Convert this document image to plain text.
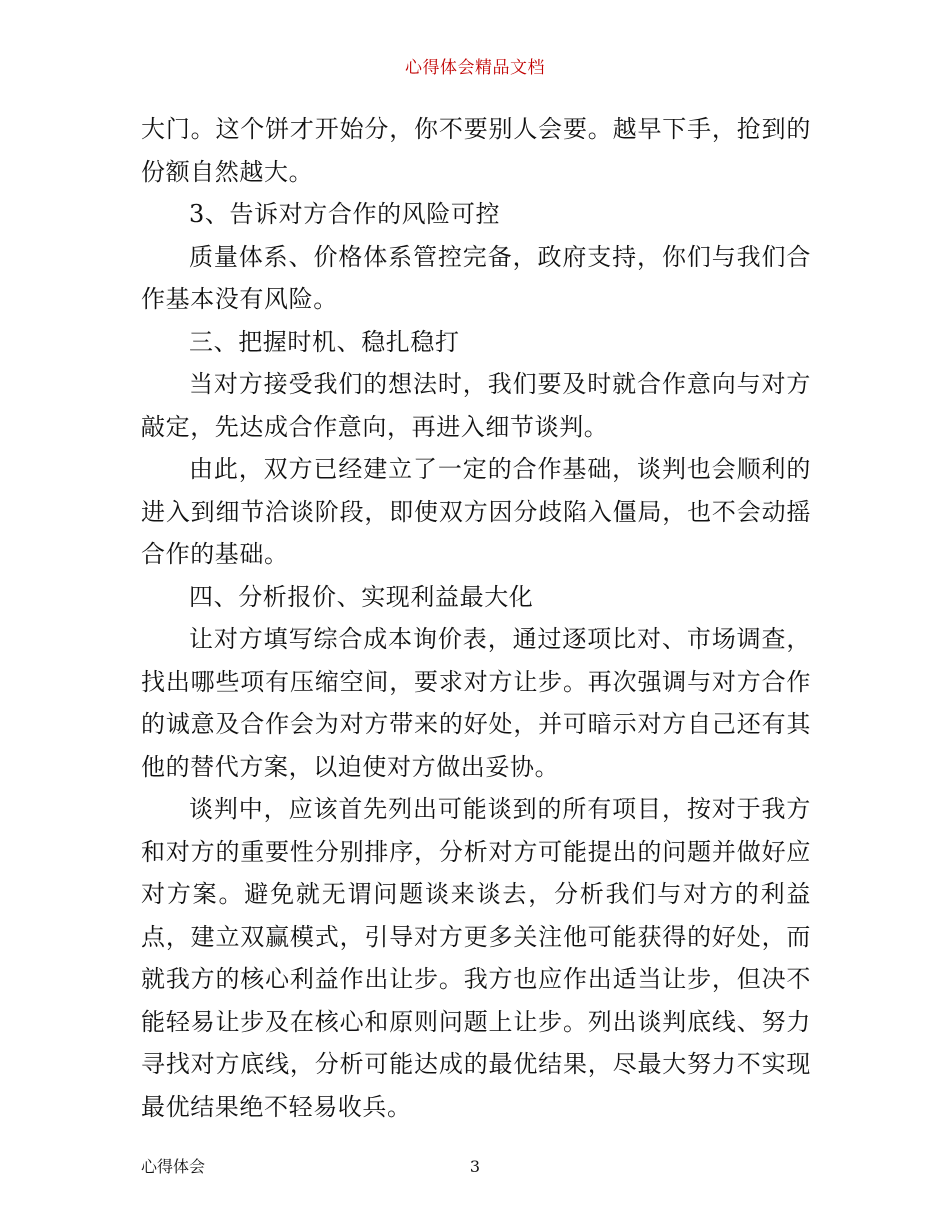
心得体会精品文档

大门。这个饼才开始分，你不要别人会要。越早下手，抢到的份额自然越大。

3、告诉对方合作的风险可控

质量体系、价格体系管控完备，政府支持，你们与我们合作基本没有风险。

三、把握时机、稳扎稳打

当对方接受我们的想法时，我们要及时就合作意向与对方敲定，先达成合作意向，再进入细节谈判。

由此，双方已经建立了一定的合作基础，谈判也会顺利的进入到细节洽谈阶段，即使双方因分歧陷入僵局，也不会动摇合作的基础。

四、分析报价、实现利益最大化

让对方填写综合成本询价表，通过逐项比对、市场调查，找出哪些项有压缩空间，要求对方让步。再次强调与对方合作的诚意及合作会为对方带来的好处，并可暗示对方自己还有其他的替代方案，以迫使对方做出妥协。

谈判中，应该首先列出可能谈到的所有项目，按对于我方和对方的重要性分别排序，分析对方可能提出的问题并做好应对方案。避免就无谓问题谈来谈去，分析我们与对方的利益点，建立双赢模式，引导对方更多关注他可能获得的好处，而就我方的核心利益作出让步。我方也应作出适当让步，但决不能轻易让步及在核心和原则问题上让步。列出谈判底线、努力寻找对方底线，分析可能达成的最优结果，尽最大努力不实现最优结果绝不轻易收兵。

心得体会	3
